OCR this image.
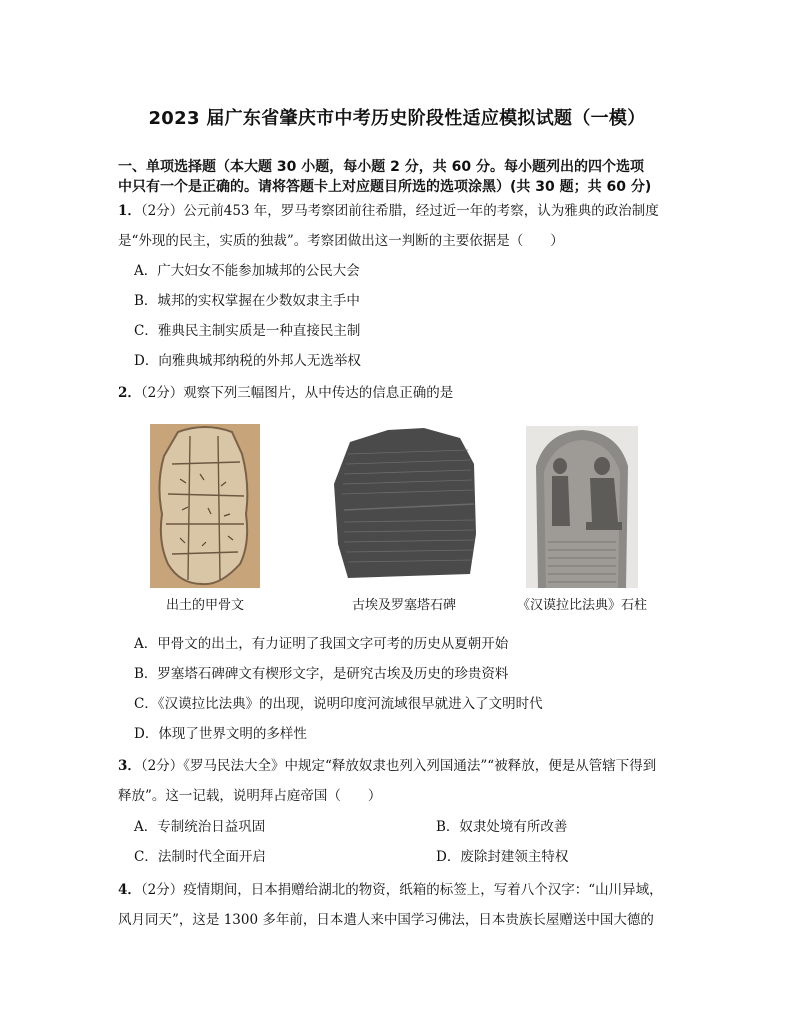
2023 届广东省肇庆市中考历史阶段性适应模拟试题（一模）
一、单项选择题（本大题 30 小题，每小题 2 分，共 60 分。每小题列出的四个选项
中只有一个是正确的。请将答题卡上对应题目所选的选项涂黑）(共 30 题；共 60 分)
1．（2分）公元前453 年，罗马考察团前往希腊，经过近一年的考察，认为雅典的政治制度
是“外现的民主，实质的独裁”。考察团做出这一判断的主要依据是（　　）
A．广大妇女不能参加城邦的公民大会
B．城邦的实权掌握在少数奴隶主手中
C．雅典民主制实质是一种直接民主制
D．向雅典城邦纳税的外邦人无选举权
2．（2分）观察下列三幅图片，从中传达的信息正确的是
出土的甲骨文	古埃及罗塞塔石碑	《汉谟拉比法典》石柱
A．甲骨文的出土，有力证明了我国文字可考的历史从夏朝开始
B．罗塞塔石碑碑文有楔形文字，是研究古埃及历史的珍贵资料
C．《汉谟拉比法典》的出现，说明印度河流域很早就进入了文明时代
D．体现了世界文明的多样性
3．（2分）《罗马民法大全》中规定“释放奴隶也列入列国通法”“被释放，便是从管辖下得到
释放”。这一记载，说明拜占庭帝国（　　）
A．专制统治日益巩固	B．奴隶处境有所改善
C．法制时代全面开启	D．废除封建领主特权
4．（2分）疫情期间，日本捐赠给湖北的物资，纸箱的标签上，写着八个汉字：“山川异域，
风月同天”，这是 1300 多年前，日本遣人来中国学习佛法，日本贵族长屋赠送中国大德的
